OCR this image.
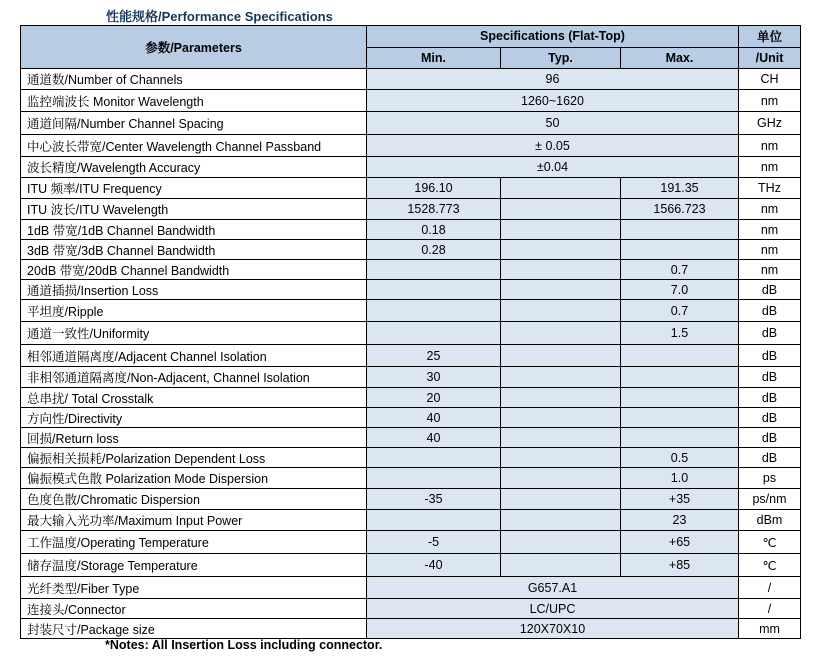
性能规格/Performance Specifications
参数/Parameters	Specifications (Flat-Top)			单位
	Min.	Typ.	Max.	/Unit
通道数/Number of Channels	96			CH
监控端波长 Monitor Wavelength	1260~1620			nm
通道间隔/Number Channel Spacing	50			GHz
中心波长带宽/Center Wavelength Channel Passband	± 0.05			nm
波长精度/Wavelength Accuracy	±0.04			nm
ITU 频率/ITU Frequency	196.10		191.35	THz
ITU 波长/ITU Wavelength	1528.773		1566.723	nm
1dB 带宽/1dB Channel Bandwidth	0.18			nm
3dB 带宽/3dB Channel Bandwidth	0.28			nm
20dB 带宽/20dB Channel Bandwidth			0.7	nm
通道插损/Insertion Loss			7.0	dB
平坦度/Ripple			0.7	dB
通道一致性/Uniformity			1.5	dB
相邻通道隔离度/Adjacent Channel Isolation	25			dB
非相邻通道隔离度/Non-Adjacent, Channel Isolation	30			dB
总串扰/ Total Crosstalk	20			dB
方向性/Directivity	40			dB
回损/Return loss	40			dB
偏振相关损耗/Polarization Dependent Loss			0.5	dB
偏振模式色散 Polarization Mode Dispersion			1.0	ps
色度色散/Chromatic Dispersion	-35		+35	ps/nm
最大输入光功率/Maximum Input Power			23	dBm
工作温度/Operating Temperature	-5		+65	℃
储存温度/Storage Temperature	-40		+85	℃
光纤类型/Fiber Type	G657.A1			/
连接头/Connector	LC/UPC			/
封装尺寸/Package size	120X70X10			mm
*Notes: All Insertion Loss including connector.
